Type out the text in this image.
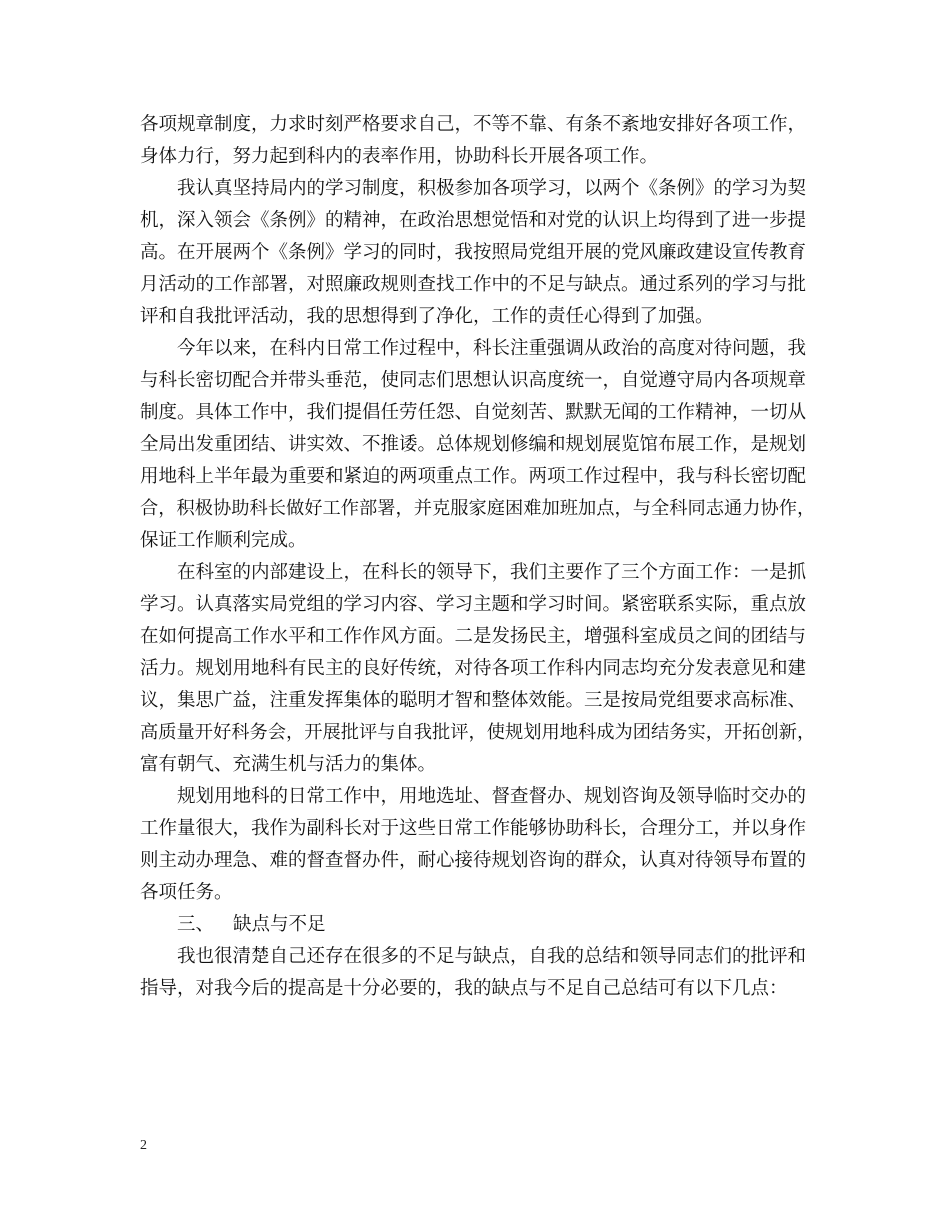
各项规章制度，力求时刻严格要求自己，不等不靠、有条不紊地安排好各项工作，
身体力行，努力起到科内的表率作用，协助科长开展各项工作。

我认真坚持局内的学习制度，积极参加各项学习，以两个《条例》的学习为契
机，深入领会《条例》的精神，在政治思想觉悟和对党的认识上均得到了进一步提
高。在开展两个《条例》学习的同时，我按照局党组开展的党风廉政建设宣传教育
月活动的工作部署，对照廉政规则查找工作中的不足与缺点。通过系列的学习与批
评和自我批评活动，我的思想得到了净化，工作的责任心得到了加强。

今年以来，在科内日常工作过程中，科长注重强调从政治的高度对待问题，我
与科长密切配合并带头垂范，使同志们思想认识高度统一，自觉遵守局内各项规章
制度。具体工作中，我们提倡任劳任怨、自觉刻苦、默默无闻的工作精神，一切从
全局出发重团结、讲实效、不推诿。总体规划修编和规划展览馆布展工作，是规划
用地科上半年最为重要和紧迫的两项重点工作。两项工作过程中，我与科长密切配
合，积极协助科长做好工作部署，并克服家庭困难加班加点，与全科同志通力协作，
保证工作顺利完成。

在科室的内部建设上，在科长的领导下，我们主要作了三个方面工作：一是抓
学习。认真落实局党组的学习内容、学习主题和学习时间。紧密联系实际，重点放
在如何提高工作水平和工作作风方面。二是发扬民主，增强科室成员之间的团结与
活力。规划用地科有民主的良好传统，对待各项工作科内同志均充分发表意见和建
议，集思广益，注重发挥集体的聪明才智和整体效能。三是按局党组要求高标准、
高质量开好科务会，开展批评与自我批评，使规划用地科成为团结务实，开拓创新，
富有朝气、充满生机与活力的集体。

规划用地科的日常工作中，用地选址、督查督办、规划咨询及领导临时交办的
工作量很大，我作为副科长对于这些日常工作能够协助科长，合理分工，并以身作
则主动办理急、难的督查督办件，耐心接待规划咨询的群众，认真对待领导布置的
各项任务。

三、 缺点与不足

我也很清楚自己还存在很多的不足与缺点，自我的总结和领导同志们的批评和
指导，对我今后的提高是十分必要的，我的缺点与不足自己总结可有以下几点：

2
